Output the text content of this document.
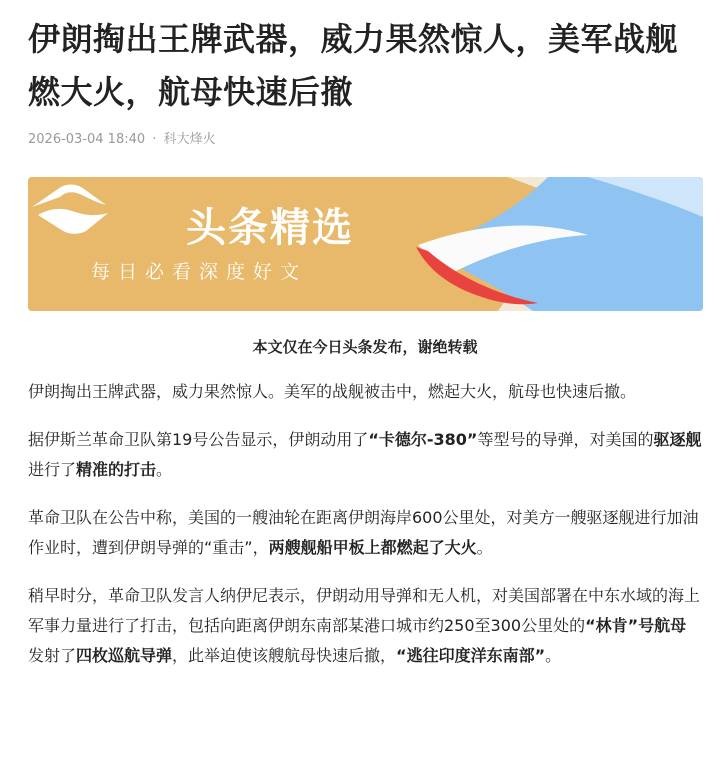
伊朗掏出王牌武器，威力果然惊人，美军战舰燃大火，航母快速后撤
2026-03-04 18:40 · 科大烽火
头条精选
每日必看深度好文
本文仅在今日头条发布，谢绝转载

伊朗掏出王牌武器，威力果然惊人。美军的战舰被击中，燃起大火，航母也快速后撤。

据伊斯兰革命卫队第19号公告显示，伊朗动用了“卡德尔-380”等型号的导弹，对美国的驱逐舰进行了精准的打击。

革命卫队在公告中称，美国的一艘油轮在距离伊朗海岸600公里处，对美方一艘驱逐舰进行加油作业时，遭到伊朗导弹的“重击”，两艘舰船甲板上都燃起了大火。

稍早时分，革命卫队发言人纳伊尼表示，伊朗动用导弹和无人机，对美国部署在中东水域的海上军事力量进行了打击，包括向距离伊朗东南部某港口城市约250至300公里处的“林肯”号航母发射了四枚巡航导弹，此举迫使该艘航母快速后撤，“逃往印度洋东南部”。
